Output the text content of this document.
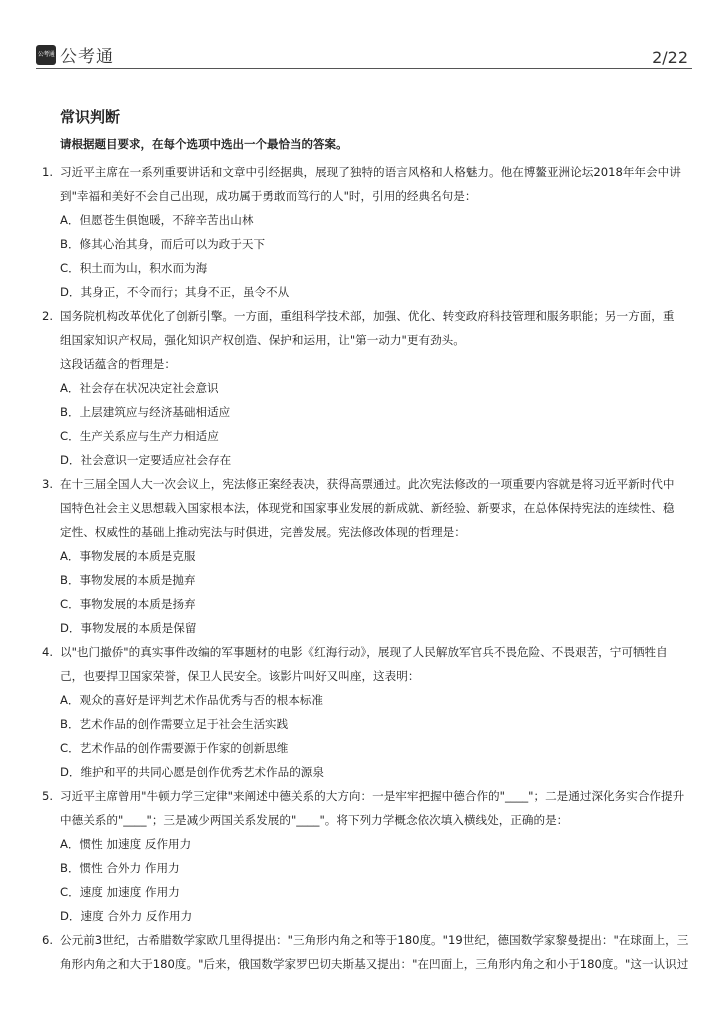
公考通 公考通	2/22
常识判断
请根据题目要求，在每个选项中选出一个最恰当的答案。
1. 习近平主席在一系列重要讲话和文章中引经据典，展现了独特的语言风格和人格魅力。他在博鳌亚洲论坛2018年年会中讲
到"幸福和美好不会自己出现，成功属于勇敢而笃行的人"时，引用的经典名句是：
A．但愿苍生俱饱暖，不辞辛苦出山林
B．修其心治其身，而后可以为政于天下
C．积土而为山，积水而为海
D．其身正，不令而行；其身不正，虽令不从
2. 国务院机构改革优化了创新引擎。一方面，重组科学技术部，加强、优化、转变政府科技管理和服务职能；另一方面，重
组国家知识产权局，强化知识产权创造、保护和运用，让"第一动力"更有劲头。
这段话蕴含的哲理是：
A．社会存在状况决定社会意识
B．上层建筑应与经济基础相适应
C．生产关系应与生产力相适应
D．社会意识一定要适应社会存在
3. 在十三届全国人大一次会议上，宪法修正案经表决，获得高票通过。此次宪法修改的一项重要内容就是将习近平新时代中
国特色社会主义思想载入国家根本法，体现党和国家事业发展的新成就、新经验、新要求，在总体保持宪法的连续性、稳
定性、权威性的基础上推动宪法与时俱进，完善发展。宪法修改体现的哲理是：
A．事物发展的本质是克服
B．事物发展的本质是抛弃
C．事物发展的本质是扬弃
D．事物发展的本质是保留
4. 以"也门撤侨"的真实事件改编的军事题材的电影《红海行动》，展现了人民解放军官兵不畏危险、不畏艰苦，宁可牺牲自
己，也要捍卫国家荣誉，保卫人民安全。该影片叫好又叫座，这表明：
A．观众的喜好是评判艺术作品优秀与否的根本标准
B．艺术作品的创作需要立足于社会生活实践
C．艺术作品的创作需要源于作家的创新思维
D．维护和平的共同心愿是创作优秀艺术作品的源泉
5. 习近平主席曾用"牛顿力学三定律"来阐述中德关系的大方向：一是牢牢把握中德合作的"____"；二是通过深化务实合作提升
中德关系的"____"；三是减少两国关系发展的"____"。将下列力学概念依次填入横线处，正确的是：
A．惯性 加速度 反作用力
B．惯性 合外力 作用力
C．速度 加速度 作用力
D．速度 合外力 反作用力
6. 公元前3世纪，古希腊数学家欧几里得提出："三角形内角之和等于180度。"19世纪，德国数学家黎曼提出："在球面上，三
角形内角之和大于180度。"后来，俄国数学家罗巴切夫斯基又提出："在凹面上，三角形内角之和小于180度。"这一认识过
